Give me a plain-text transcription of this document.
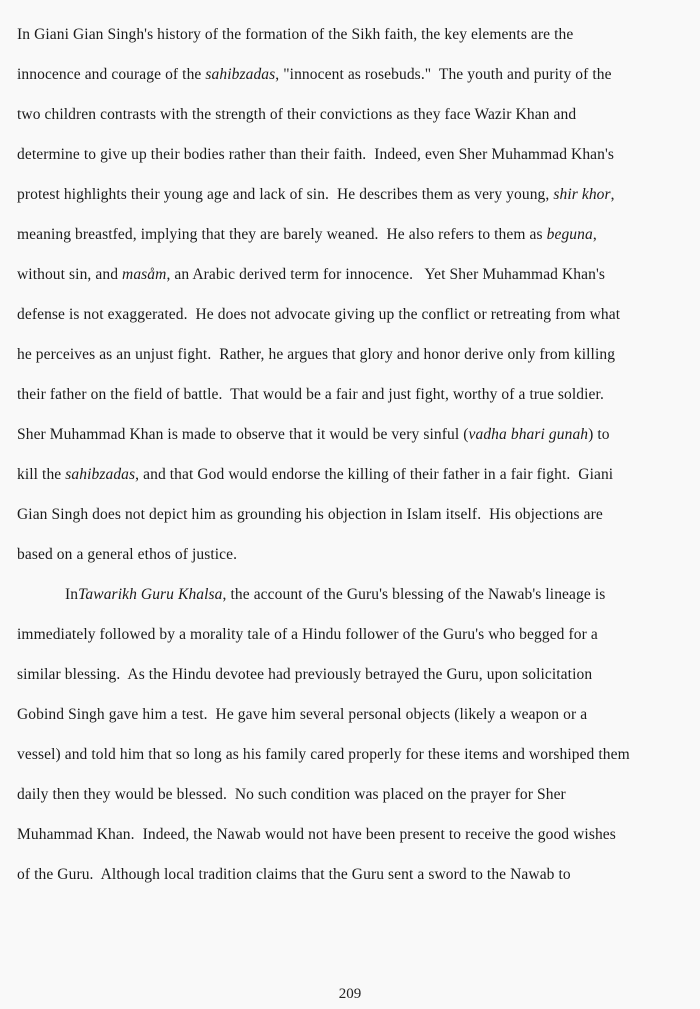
In Giani Gian Singh's history of the formation of the Sikh faith, the key elements are the
innocence and courage of the sahibzadas, "innocent as rosebuds."  The youth and purity of the
two children contrasts with the strength of their convictions as they face Wazir Khan and
determine to give up their bodies rather than their faith.  Indeed, even Sher Muhammad Khan's
protest highlights their young age and lack of sin.  He describes them as very young, shir khor,
meaning breastfed, implying that they are barely weaned.  He also refers to them as beguna,
without sin, and masåm, an Arabic derived term for innocence.   Yet Sher Muhammad Khan's
defense is not exaggerated.  He does not advocate giving up the conflict or retreating from what
he perceives as an unjust fight.  Rather, he argues that glory and honor derive only from killing
their father on the field of battle.  That would be a fair and just fight, worthy of a true soldier.
Sher Muhammad Khan is made to observe that it would be very sinful (vadha bhari gunah) to
kill the sahibzadas, and that God would endorse the killing of their father in a fair fight.  Giani
Gian Singh does not depict him as grounding his objection in Islam itself.  His objections are
based on a general ethos of justice.
InTawarikh Guru Khalsa, the account of the Guru's blessing of the Nawab's lineage is
immediately followed by a morality tale of a Hindu follower of the Guru's who begged for a
similar blessing.  As the Hindu devotee had previously betrayed the Guru, upon solicitation
Gobind Singh gave him a test.  He gave him several personal objects (likely a weapon or a
vessel) and told him that so long as his family cared properly for these items and worshiped them
daily then they would be blessed.  No such condition was placed on the prayer for Sher
Muhammad Khan.  Indeed, the Nawab would not have been present to receive the good wishes
of the Guru.  Although local tradition claims that the Guru sent a sword to the Nawab to
209
